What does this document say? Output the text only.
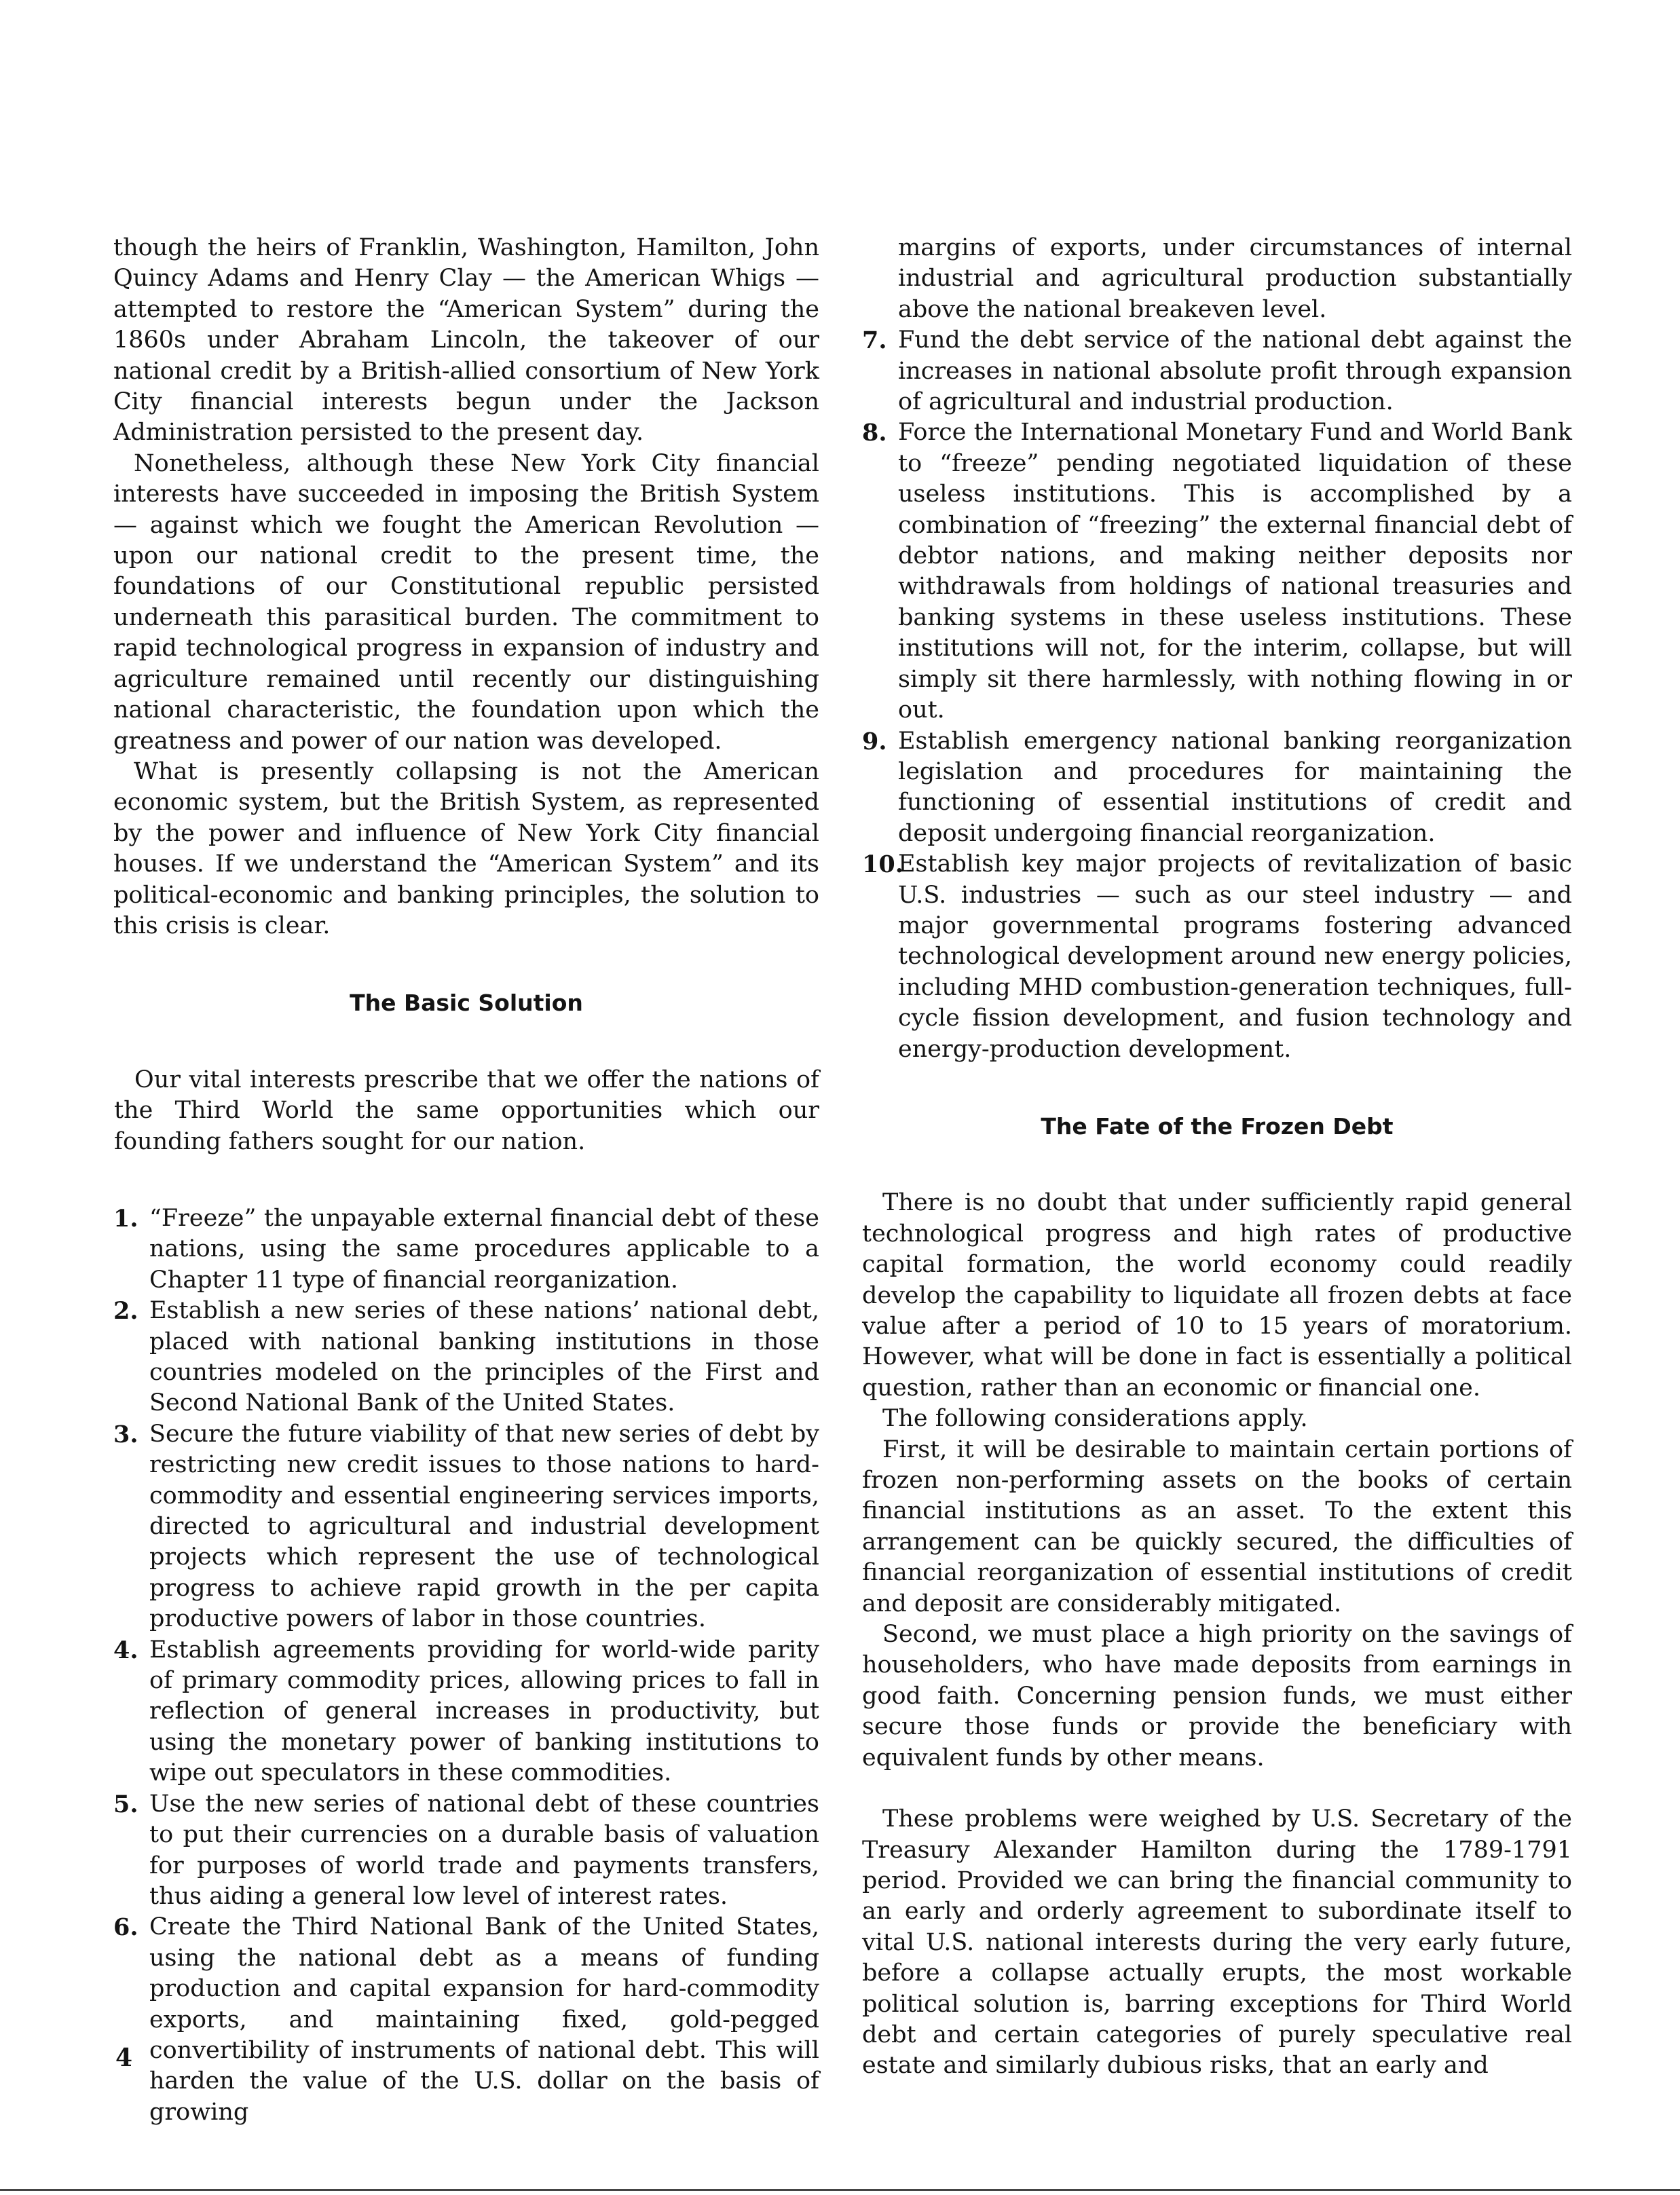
though the heirs of Franklin, Washington, Hamilton, John Quincy Adams and Henry Clay — the American Whigs — attempted to restore the “American System” during the 1860s under Abraham Lincoln, the takeover of our national credit by a British-allied consortium of New York City financial interests begun under the Jackson Administration persisted to the present day.

Nonetheless, although these New York City financial interests have succeeded in imposing the British System — against which we fought the American Revolution — upon our national credit to the present time, the foundations of our Constitutional republic persisted underneath this parasitical burden. The commitment to rapid technological progress in expansion of industry and agriculture remained until recently our distinguishing national characteristic, the foundation upon which the greatness and power of our nation was developed.

What is presently collapsing is not the American economic system, but the British System, as represented by the power and influence of New York City financial houses. If we understand the “American System” and its political-economic and banking principles, the solution to this crisis is clear.

The Basic Solution

Our vital interests prescribe that we offer the nations of the Third World the same opportunities which our founding fathers sought for our nation.

1. “Freeze” the unpayable external financial debt of these nations, using the same procedures applicable to a Chapter 11 type of financial reorganization.
2. Establish a new series of these nations’ national debt, placed with national banking institutions in those countries modeled on the principles of the First and Second National Bank of the United States.
3. Secure the future viability of that new series of debt by restricting new credit issues to those nations to hard-commodity and essential engineering services imports, directed to agricultural and industrial development projects which represent the use of technological progress to achieve rapid growth in the per capita productive powers of labor in those countries.
4. Establish agreements providing for world-wide parity of primary commodity prices, allowing prices to fall in reflection of general increases in productivity, but using the monetary power of banking institutions to wipe out speculators in these commodities.
5. Use the new series of national debt of these countries to put their currencies on a durable basis of valuation for purposes of world trade and payments transfers, thus aiding a general low level of interest rates.
6. Create the Third National Bank of the United States, using the national debt as a means of funding production and capital expansion for hard-commodity exports, and maintaining fixed, gold-pegged convertibility of instruments of national debt. This will harden the value of the U.S. dollar on the basis of growing

margins of exports, under circumstances of internal industrial and agricultural production substantially above the national breakeven level.

7. Fund the debt service of the national debt against the increases in national absolute profit through expansion of agricultural and industrial production.
8. Force the International Monetary Fund and World Bank to “freeze” pending negotiated liquidation of these useless institutions. This is accomplished by a combination of “freezing” the external financial debt of debtor nations, and making neither deposits nor withdrawals from holdings of national treasuries and banking systems in these useless institutions. These institutions will not, for the interim, collapse, but will simply sit there harmlessly, with nothing flowing in or out.
9. Establish emergency national banking reorganization legislation and procedures for maintaining the functioning of essential institutions of credit and deposit undergoing financial reorganization.
10.
Establish key major projects of revitalization of basic U.S. industries — such as our steel industry — and major governmental programs fostering advanced technological development around new energy policies, including MHD combustion-generation techniques, full-cycle fission development, and fusion technology and energy-production development.
The Fate of the Frozen Debt

There is no doubt that under sufficiently rapid general technological progress and high rates of productive capital formation, the world economy could readily develop the capability to liquidate all frozen debts at face value after a period of 10 to 15 years of moratorium. However, what will be done in fact is essentially a political question, rather than an economic or financial one.

The following considerations apply.

First, it will be desirable to maintain certain portions of frozen non-performing assets on the books of certain financial institutions as an asset. To the extent this arrangement can be quickly secured, the difficulties of financial reorganization of essential institutions of credit and deposit are considerably mitigated.

Second, we must place a high priority on the savings of householders, who have made deposits from earnings in good faith. Concerning pension funds, we must either secure those funds or provide the beneficiary with equivalent funds by other means.

These problems were weighed by U.S. Secretary of the Treasury Alexander Hamilton during the 1789-1791 period. Provided we can bring the financial community to an early and orderly agreement to subordinate itself to vital U.S. national interests during the very early future, before a collapse actually erupts, the most workable political solution is, barring exceptions for Third World debt and certain categories of purely speculative real estate and similarly dubious risks, that an early and

4
